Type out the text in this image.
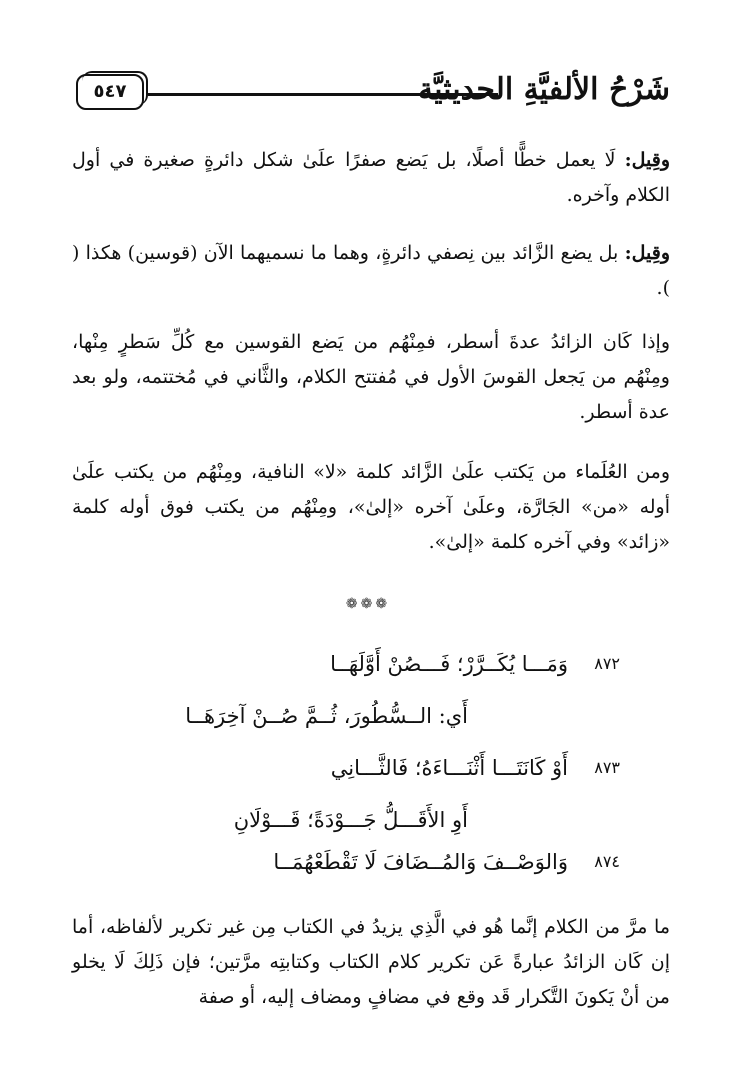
٥٤٧	شَرْحُ الألفيَّةِ الحديثيَّة

وقِيل: لَا يعمل خطًّا أصلًا، بل يَضع صفرًا علَىٰ شكل دائرةٍ صغيرة في أول الكلام وآخره.

وقِيل: بل يضع الزَّائد بين نِصفي دائرةٍ، وهما ما نسميهما الآن (قوسين) هكذا ( ).

وإذا كَان الزائدُ عدةَ أسطر، فمِنْهُم من يَضع القوسين مع كُلِّ سَطرٍ مِنْها، ومِنْهُم من يَجعل القوسَ الأول في مُفتتح الكلام، والثَّاني في مُختتمه، ولو بعد عدة أسطر.

ومن العُلَماء من يَكتب علَىٰ الزَّائد كلمة «لا» النافية، ومِنْهُم من يكتب علَىٰ أوله «من» الجَارَّة، وعلَىٰ آخره «إلىٰ»، ومِنْهُم من يكتب فوق أوله كلمة «زائد» وفي آخره كلمة «إلىٰ».

❁❁❁
٨٧٢
وَمَـــا يُكَــرَّرْ؛ فَـــصُنْ أَوَّلَهَــا
أَي: الــسُّطُورَ، ثُــمَّ صُــنْ آخِرَهَــا
٨٧٣
أَوْ كَانَتَـــا أَثْنَـــاءَهُ؛ فَالثَّـــانِي
أَوِ الأَقَـــلُّ جَـــوْدَةً؛ قَـــوْلَانِ
٨٧٤
وَالوَصْــفَ وَالمُــضَافَ لَا تَقْطَعْهُمَــا

ما مرَّ من الكلام إنَّما هُو في الَّذِي يزيدُ في الكتاب مِن غير تكرير لألفاظه، أما إن كَان الزائدُ عبارةً عَن تكرير كلام الكتاب وكتابتِه مرَّتين؛ فإن ذَلِكَ لَا يخلو من أنْ يَكونَ التَّكرار قَد وقع في مضافٍ ومضاف إليه، أو صفة
